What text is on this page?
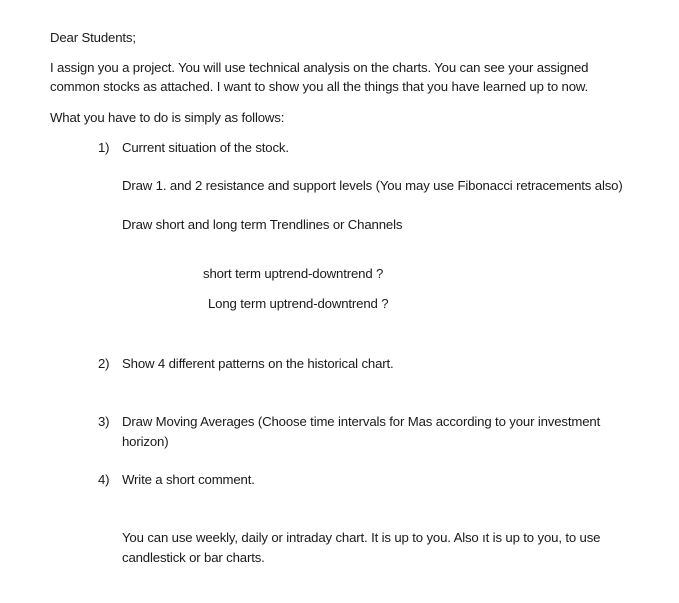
Dear Students;
I assign you a project. You will use technical analysis on the charts. You can see your assigned
common stocks as attached. I want to show you all the things that you have learned up to now.
What you have to do is simply as follows:
1) Current situation of the stock.
Draw 1. and 2 resistance and support levels (You may use Fibonacci retracements also)
Draw short and long term Trendlines or Channels
short term uptrend-downtrend ?
Long term uptrend-downtrend ?
2) Show 4 different patterns on the historical chart.
3) Draw Moving Averages (Choose time intervals for Mas according to your investment
horizon)
4) Write a short comment.
You can use weekly, daily or intraday chart. It is up to you. Also ıt is up to you, to use
candlestick or bar charts.
